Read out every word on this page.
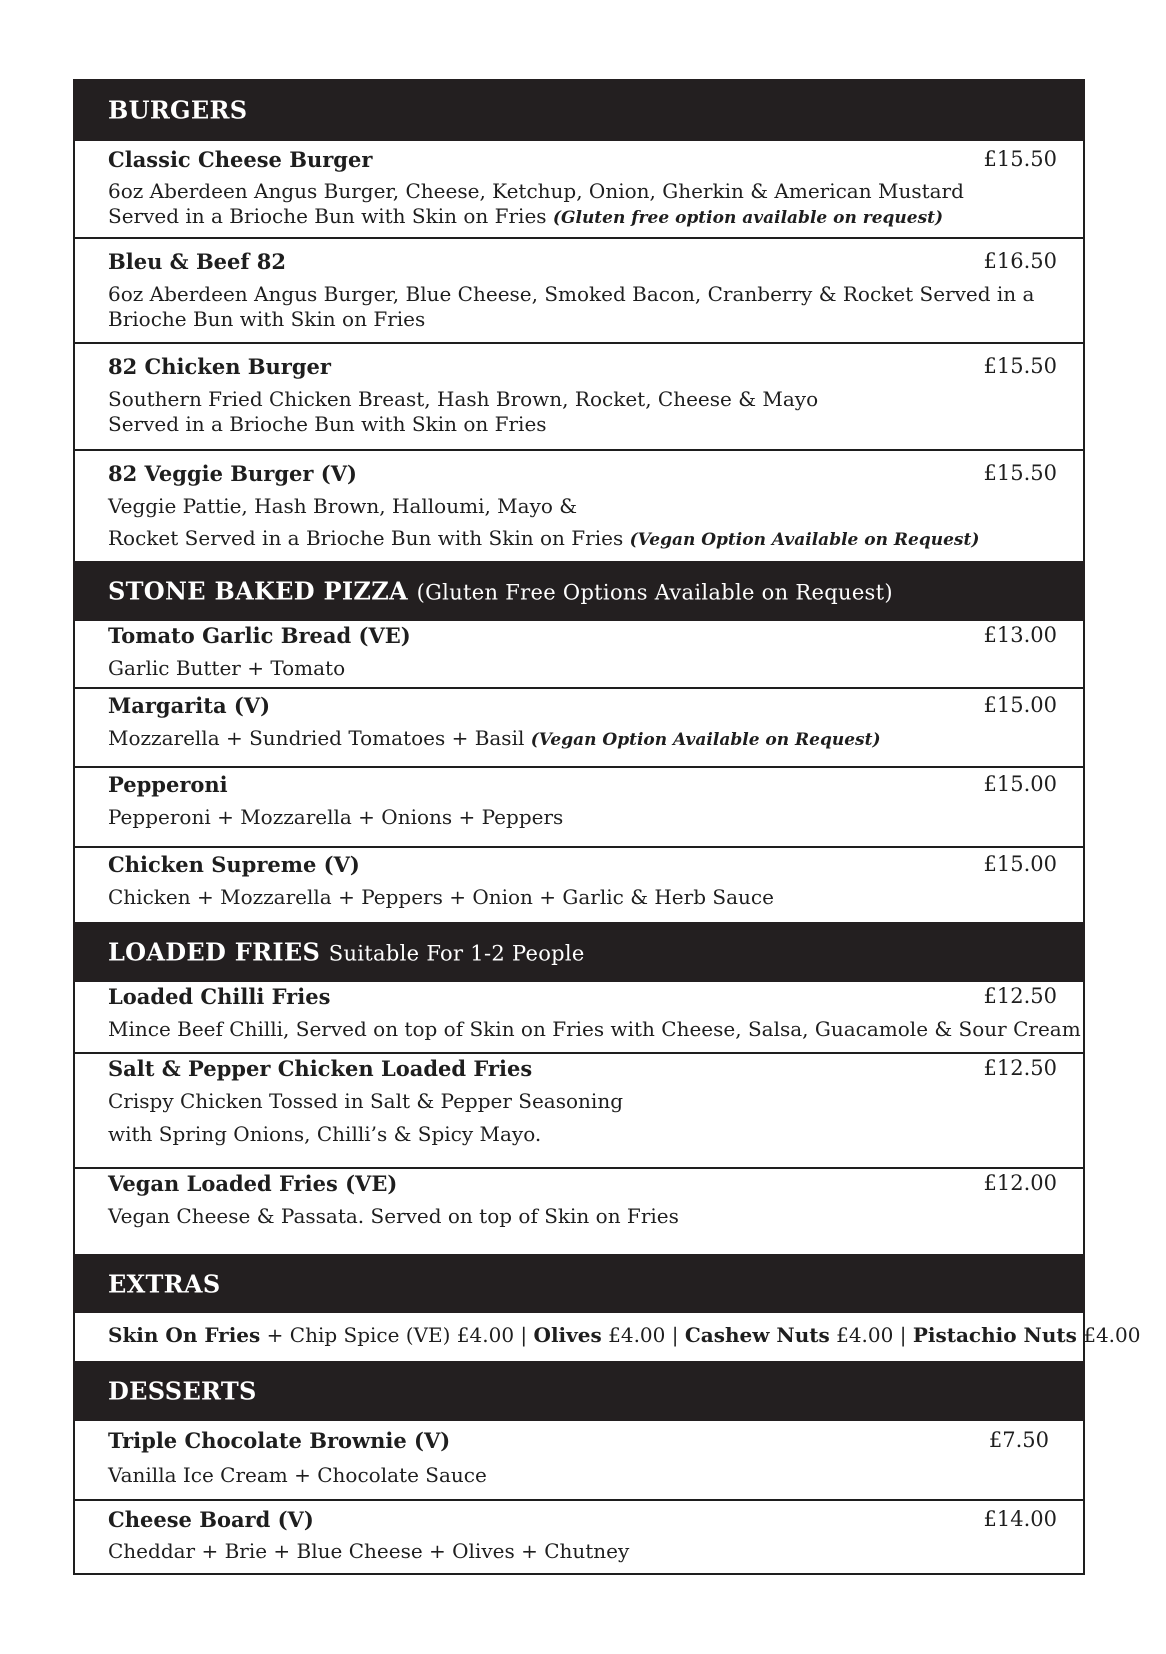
BURGERS
Classic Cheese Burger	£15.50
6oz Aberdeen Angus Burger, Cheese, Ketchup, Onion, Gherkin & American Mustard
Served in a Brioche Bun with Skin on Fries (Gluten free option available on request)
Bleu & Beef 82	£16.50
6oz Aberdeen Angus Burger, Blue Cheese, Smoked Bacon, Cranberry & Rocket Served in a
Brioche Bun with Skin on Fries
82 Chicken Burger	£15.50
Southern Fried Chicken Breast, Hash Brown, Rocket, Cheese & Mayo
Served in a Brioche Bun with Skin on Fries
82 Veggie Burger (V)	£15.50
Veggie Pattie, Hash Brown, Halloumi, Mayo &
Rocket Served in a Brioche Bun with Skin on Fries (Vegan Option Available on Request)
STONE BAKED PIZZA (Gluten Free Options Available on Request)
Tomato Garlic Bread (VE)	£13.00
Garlic Butter + Tomato
Margarita (V)	£15.00
Mozzarella + Sundried Tomatoes + Basil (Vegan Option Available on Request)
Pepperoni	£15.00
Pepperoni + Mozzarella + Onions + Peppers
Chicken Supreme (V)	£15.00
Chicken + Mozzarella + Peppers + Onion + Garlic & Herb Sauce
LOADED FRIES Suitable For 1-2 People
Loaded Chilli Fries	£12.50
Mince Beef Chilli, Served on top of Skin on Fries with Cheese, Salsa, Guacamole & Sour Cream
Salt & Pepper Chicken Loaded Fries	£12.50
Crispy Chicken Tossed in Salt & Pepper Seasoning
with Spring Onions, Chilli’s & Spicy Mayo.
Vegan Loaded Fries (VE)	£12.00
Vegan Cheese & Passata. Served on top of Skin on Fries
EXTRAS
Skin On Fries + Chip Spice (VE) £4.00 | Olives £4.00 | Cashew Nuts £4.00 | Pistachio Nuts £4.00
DESSERTS
Triple Chocolate Brownie (V)	£7.50
Vanilla Ice Cream + Chocolate Sauce
Cheese Board (V)	£14.00
Cheddar + Brie + Blue Cheese + Olives + Chutney
